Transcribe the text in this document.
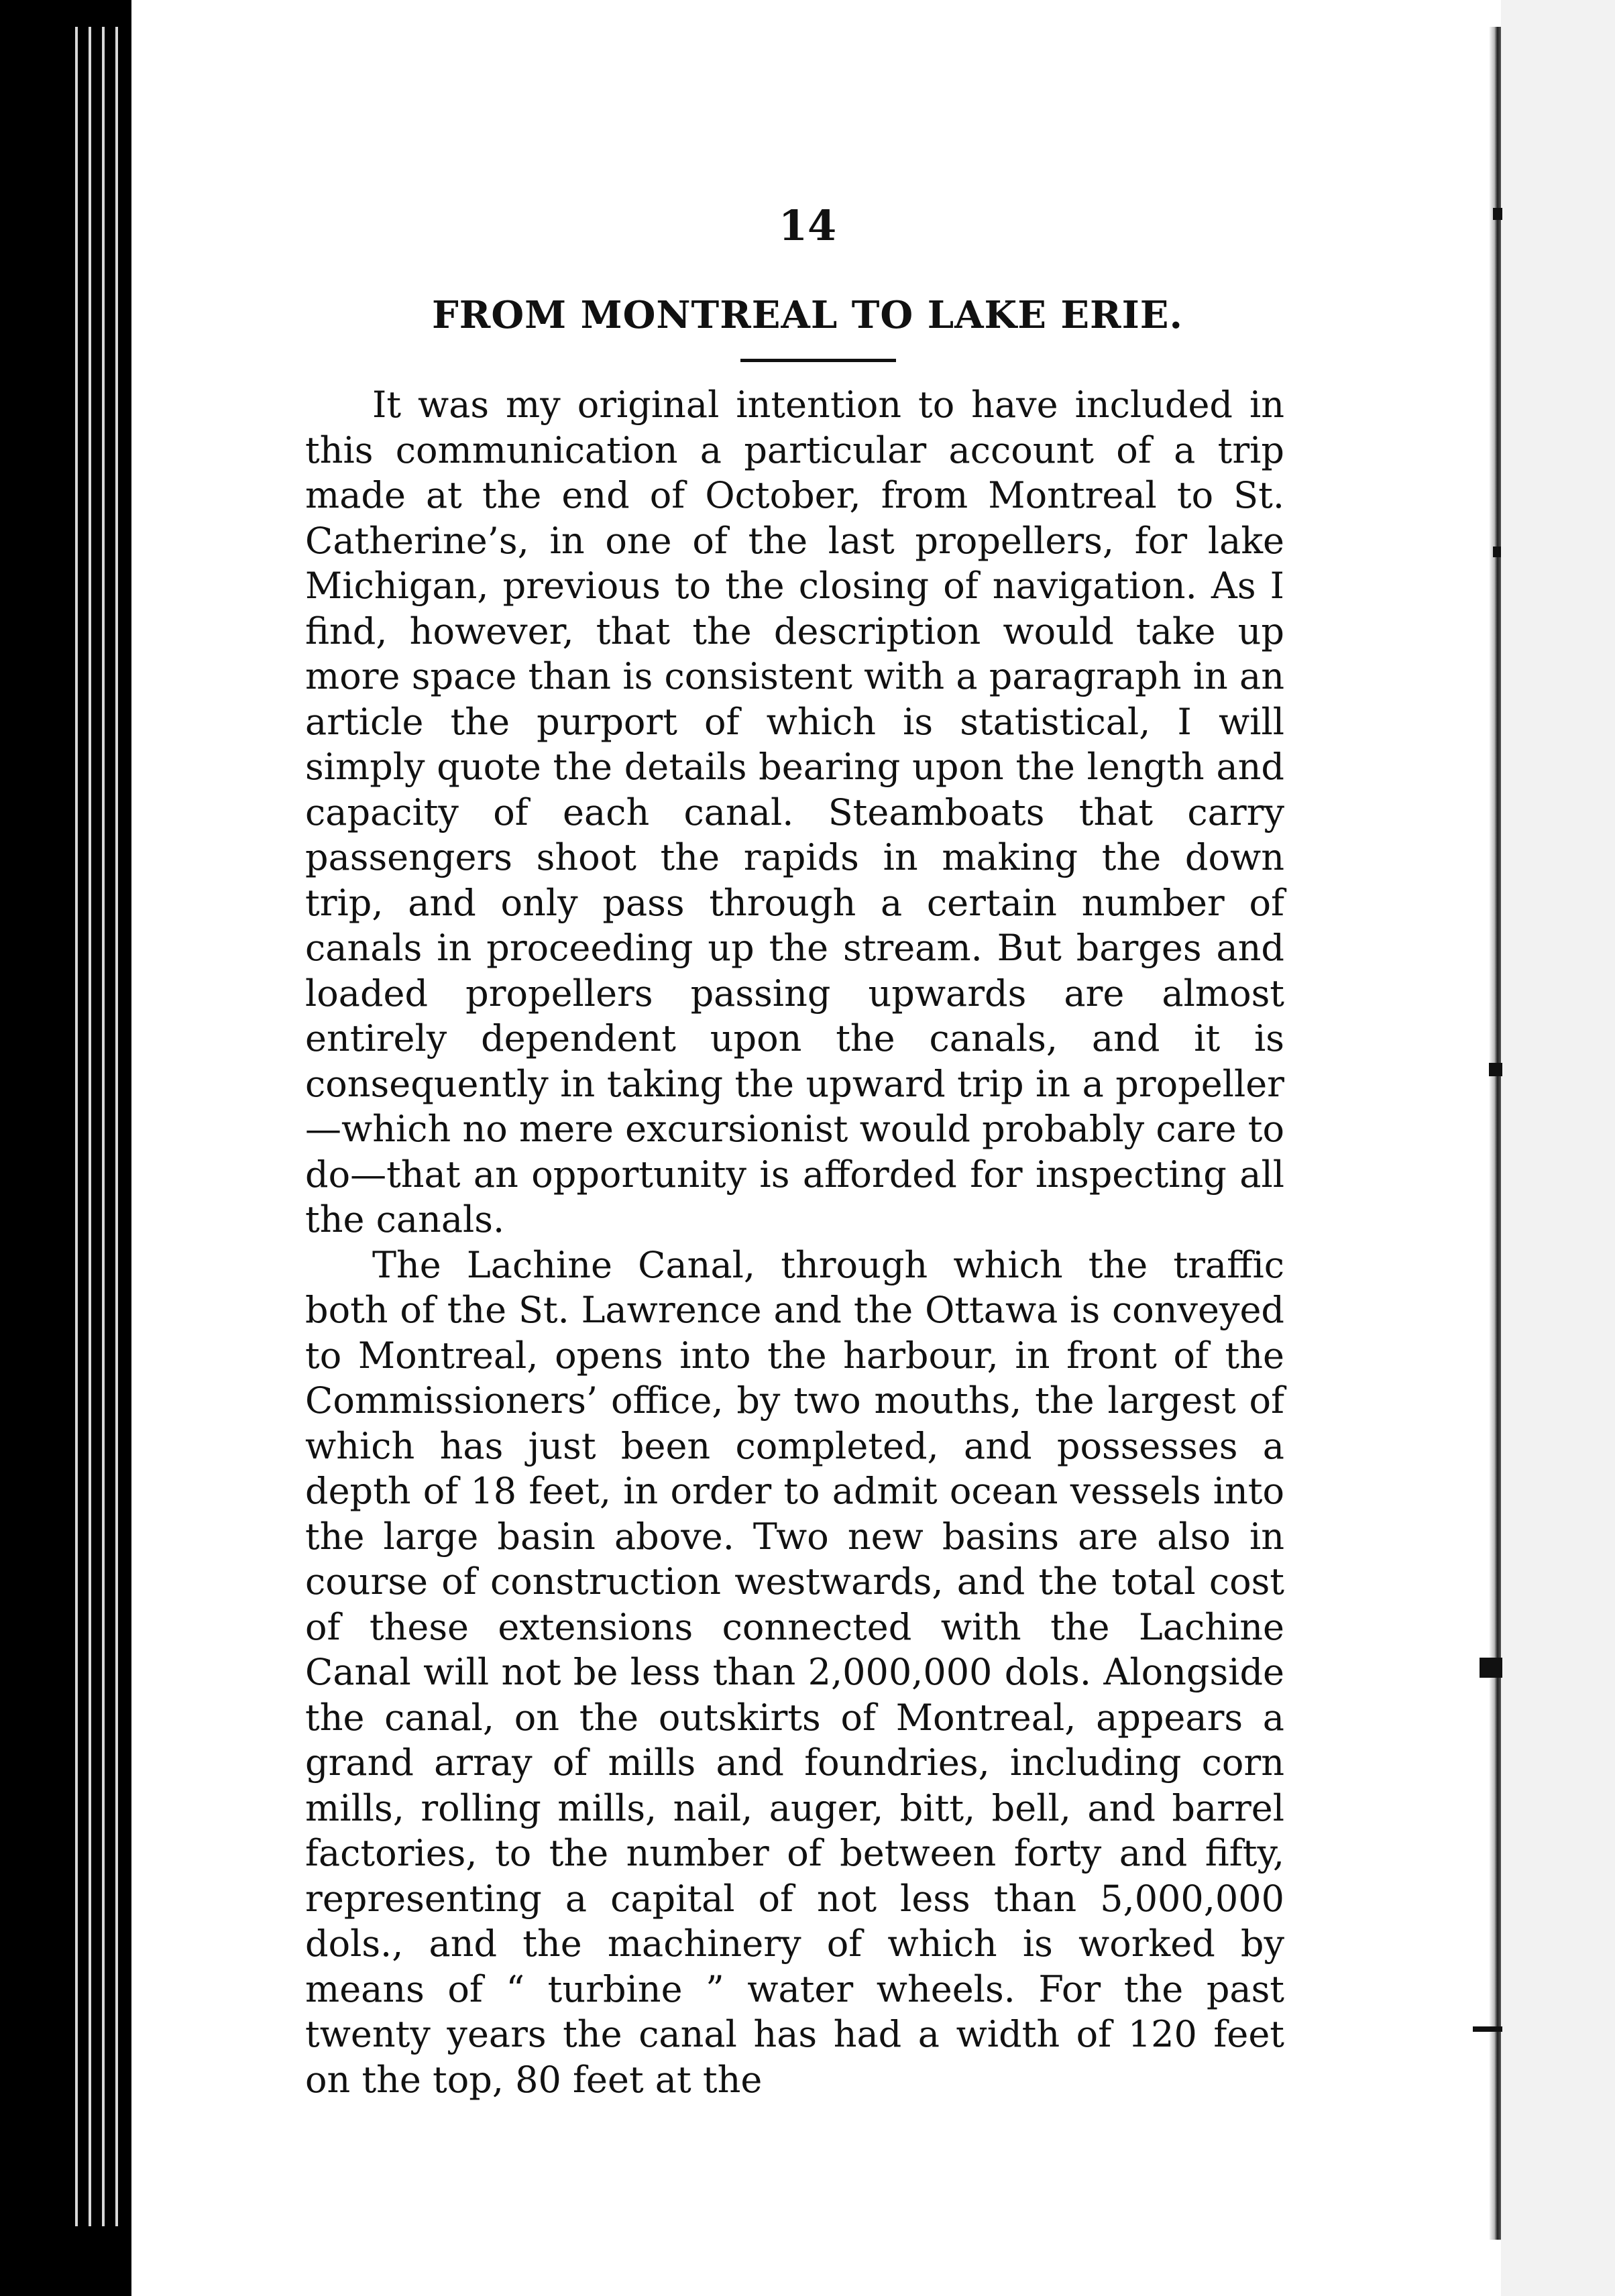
14
FROM MONTREAL TO LAKE ERIE.

It was my original intention to have included in this communication a particular account of a trip made at the end of October, from Montreal to St. Catherine’s, in one of the last propellers, for lake Michigan, previous to the closing of navigation. As I find, however, that the description would take up more space than is consistent with a paragraph in an article the purport of which is statistical, I will simply quote the details bearing upon the length and capacity of each canal. Steamboats that carry passengers shoot the rapids in making the down trip, and only pass through a certain number of canals in proceeding up the stream. But barges and loaded propellers passing upwards are almost entirely dependent upon the canals, and it is consequently in taking the upward trip in a propeller —which no mere excursionist would probably care to do—that an opportunity is afforded for inspecting all the canals.

The Lachine Canal, through which the traffic both of the St. Lawrence and the Ottawa is conveyed to Montreal, opens into the harbour, in front of the Commissioners’ office, by two mouths, the largest of which has just been completed, and possesses a depth of 18 feet, in order to admit ocean vessels into the large basin above. Two new basins are also in course of construction westwards, and the total cost of these extensions connected with the Lachine Canal will not be less than 2,000,000 dols. Alongside the canal, on the outskirts of Montreal, appears a grand array of mills and foundries, including corn mills, rolling mills, nail, auger, bitt, bell, and barrel factories, to the number of between forty and fifty, representing a capital of not less than 5,000,000 dols., and the machinery of which is worked by means of “ turbine ” water wheels. For the past twenty years the canal has had a width of 120 feet on the top, 80 feet at the
